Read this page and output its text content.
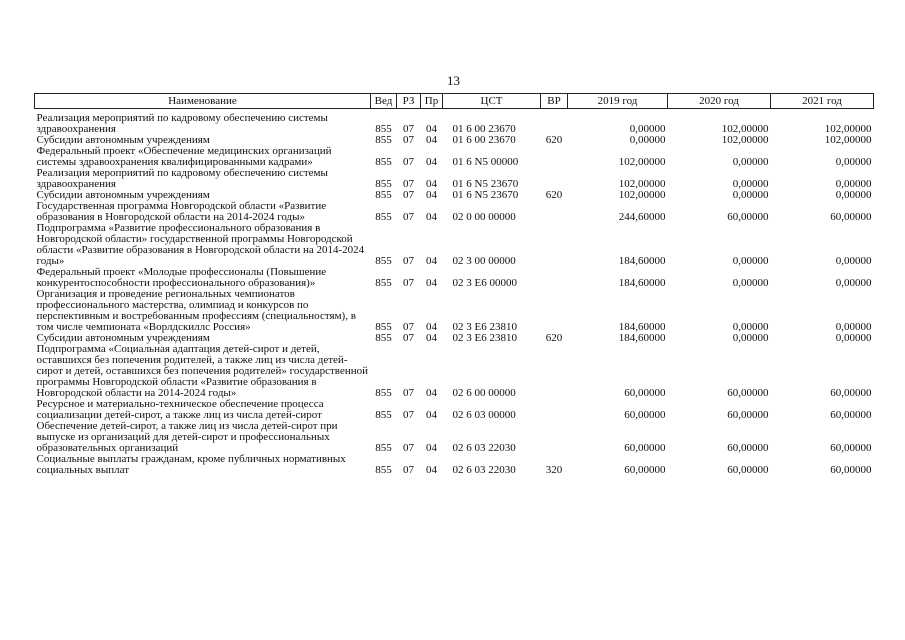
13
Наименование	Вед	РЗ	Пр	ЦСТ	ВР	2019 год	2020 год	2021 год
Реализация мероприятий по кадровому обеспечению системы здравоохранения	855	07	04	01 6 00 23670		0,00000	102,00000	102,00000
Субсидии автономным учреждениям	855	07	04	01 6 00 23670	620	0,00000	102,00000	102,00000
Федеральный проект «Обеспечение медицинских организаций системы здравоохранения квалифицированными кадрами»	855	07	04	01 6 N5 00000		102,00000	0,00000	0,00000
Реализация мероприятий по кадровому обеспечению системы здравоохранения	855	07	04	01 6 N5 23670		102,00000	0,00000	0,00000
Субсидии автономным учреждениям	855	07	04	01 6 N5 23670	620	102,00000	0,00000	0,00000
Государственная программа Новгородской области «Развитие образования в Новгородской области на 2014-2024 годы»	855	07	04	02 0 00 00000		244,60000	60,00000	60,00000
Подпрограмма «Развитие профессионального образования в Новгородской области» государственной программы Новгородской области «Развитие образования в Новгородской области на 2014-2024 годы»	855	07	04	02 3 00 00000		184,60000	0,00000	0,00000
Федеральный проект «Молодые профессионалы (Повышение конкурентоспособности профессионального образования)»	855	07	04	02 3 E6 00000		184,60000	0,00000	0,00000
Организация и проведение региональных чемпионатов профессионального мастерства, олимпиад и конкурсов по перспективным и востребованным профессиям (специальностям), в том числе чемпионата «Ворлдскиллс Россия»	855	07	04	02 3 E6 23810		184,60000	0,00000	0,00000
Субсидии автономным учреждениям	855	07	04	02 3 E6 23810	620	184,60000	0,00000	0,00000
Подпрограмма «Социальная адаптация детей-сирот и детей, оставшихся без попечения родителей, а также лиц из числа детей-сирот и детей, оставшихся без попечения родителей» государственной программы Новгородской области «Развитие образования в Новгородской области на 2014-2024 годы»	855	07	04	02 6 00 00000		60,00000	60,00000	60,00000
Ресурсное и материально-техническое обеспечение процесса социализации детей-сирот, а также лиц из числа детей-сирот	855	07	04	02 6 03 00000		60,00000	60,00000	60,00000
Обеспечение детей-сирот, а также лиц из числа детей-сирот при выпуске из организаций для детей-сирот и профессиональных образовательных организаций	855	07	04	02 6 03 22030		60,00000	60,00000	60,00000
Социальные выплаты гражданам, кроме публичных нормативных социальных выплат	855	07	04	02 6 03 22030	320	60,00000	60,00000	60,00000
